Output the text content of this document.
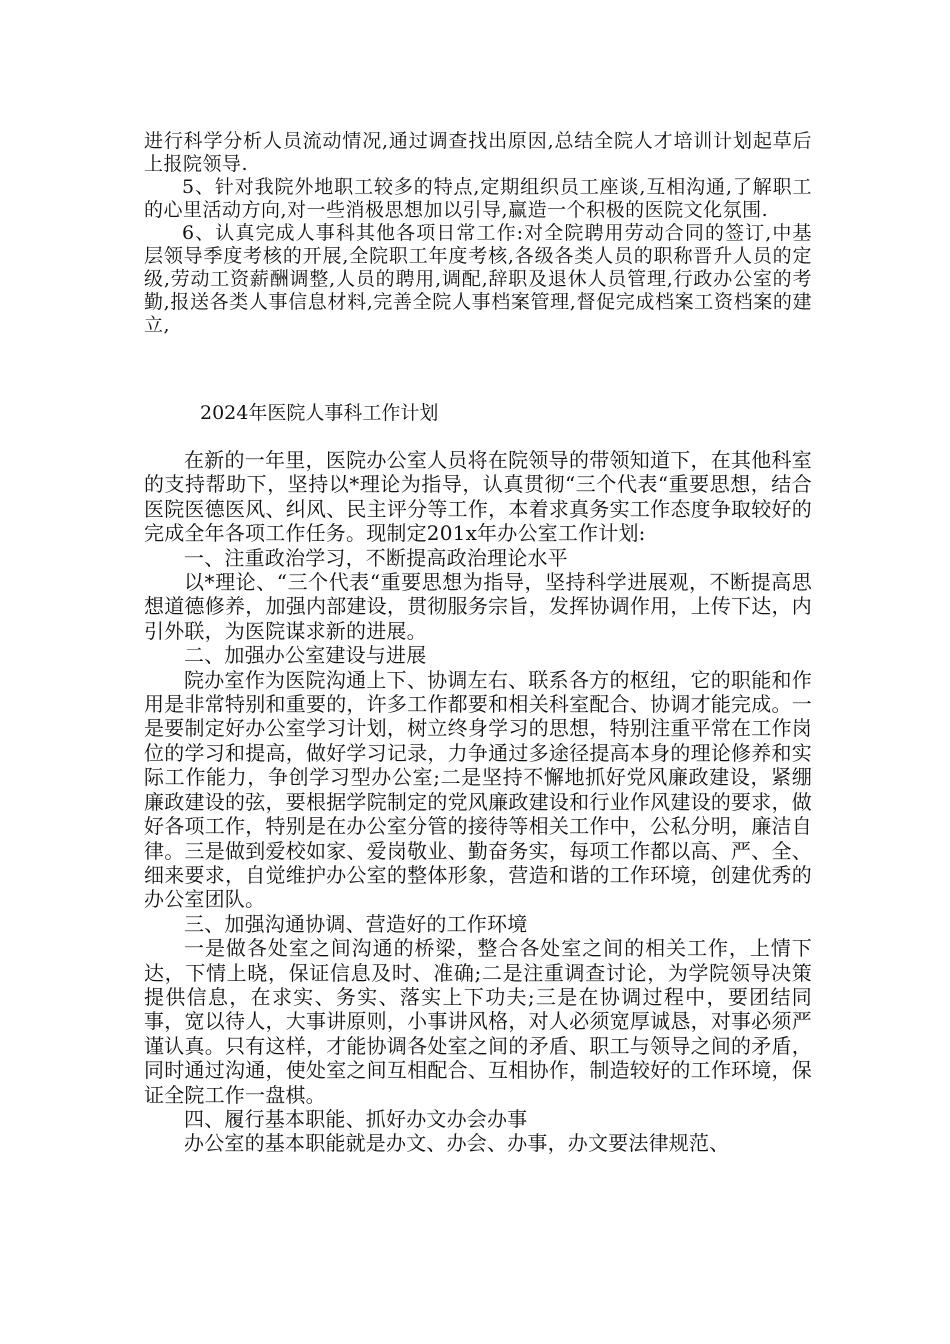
进行科学分析人员流动情况,通过调查找出原因,总结全院人才培训计划起草后上报院领导.

5、针对我院外地职工较多的特点,定期组织员工座谈,互相沟通,了解职工的心里活动方向,对一些消极思想加以引导,赢造一个积极的医院文化氛围.

6、认真完成人事科其他各项日常工作:对全院聘用劳动合同的签订,中基层领导季度考核的开展,全院职工年度考核,各级各类人员的职称晋升人员的定级,劳动工资薪酬调整,人员的聘用,调配,辞职及退休人员管理,行政办公室的考勤,报送各类人事信息材料,完善全院人事档案管理,督促完成档案工资档案的建立,

2024年医院人事科工作计划

在新的一年里，医院办公室人员将在院领导的带领知道下，在其他科室的支持帮助下，坚持以*理论为指导，认真贯彻“三个代表“重要思想，结合医院医德医风、纠风、民主评分等工作，本着求真务实工作态度争取较好的完成全年各项工作任务。现制定201x年办公室工作计划:

一、注重政治学习，不断提高政治理论水平

以*理论、“三个代表“重要思想为指导，坚持科学进展观，不断提高思想道德修养，加强内部建设，贯彻服务宗旨，发挥协调作用，上传下达，内引外联，为医院谋求新的进展。

二、加强办公室建设与进展

院办室作为医院沟通上下、协调左右、联系各方的枢纽，它的职能和作用是非常特别和重要的，许多工作都要和相关科室配合、协调才能完成。一是要制定好办公室学习计划，树立终身学习的思想，特别注重平常在工作岗位的学习和提高，做好学习记录，力争通过多途径提高本身的理论修养和实际工作能力，争创学习型办公室;二是坚持不懈地抓好党风廉政建设，紧绷廉政建设的弦，要根据学院制定的党风廉政建设和行业作风建设的要求，做好各项工作，特别是在办公室分管的接待等相关工作中，公私分明，廉洁自律。三是做到爱校如家、爱岗敬业、勤奋务实，每项工作都以高、严、全、细来要求，自觉维护办公室的整体形象，营造和谐的工作环境，创建优秀的办公室团队。

三、加强沟通协调、营造好的工作环境

一是做各处室之间沟通的桥梁，整合各处室之间的相关工作，上情下达，下情上晓，保证信息及时、准确;二是注重调查讨论，为学院领导决策提供信息，在求实、务实、落实上下功夫;三是在协调过程中，要团结同事，宽以待人，大事讲原则，小事讲风格，对人必须宽厚诚恳，对事必须严谨认真。只有这样，才能协调各处室之间的矛盾、职工与领导之间的矛盾，同时通过沟通，使处室之间互相配合、互相协作，制造较好的工作环境，保证全院工作一盘棋。

四、履行基本职能、抓好办文办会办事

办公室的基本职能就是办文、办会、办事，办文要法律规范、
